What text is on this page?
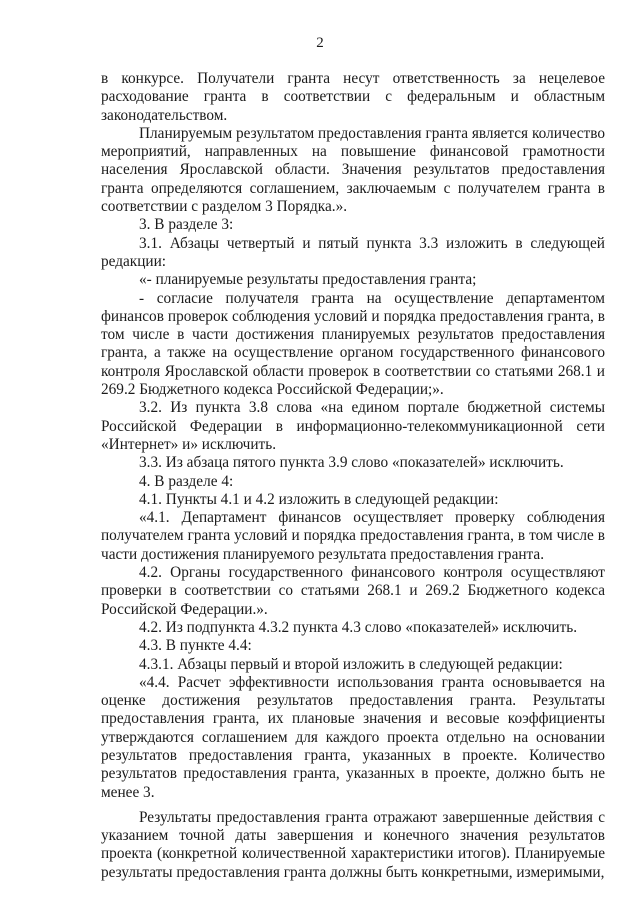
2

в конкурсе. Получатели гранта несут ответственность за нецелевое расходование гранта в соответствии с федеральным и областным законодательством.

Планируемым результатом предоставления гранта является количество мероприятий, направленных на повышение финансовой грамотности населения Ярославской области. Значения результатов предоставления гранта определяются соглашением, заключаемым с получателем гранта в соответствии с разделом 3 Порядка.».

3. В разделе 3:

3.1. Абзацы четвертый и пятый пункта 3.3 изложить в следующей редакции:

«- планируемые результаты предоставления гранта;

- согласие получателя гранта на осуществление департаментом финансов проверок соблюдения условий и порядка предоставления гранта, в том числе в части достижения планируемых результатов предоставления гранта, а также на осуществление органом государственного финансового контроля Ярославской области проверок в соответствии со статьями 268.1 и 269.2 Бюджетного кодекса Российской Федерации;».

3.2. Из пункта 3.8 слова «на едином портале бюджетной системы Российской Федерации в информационно-телекоммуникационной сети «Интернет» и» исключить.

3.3. Из абзаца пятого пункта 3.9 слово «показателей» исключить.

4. В разделе 4:

4.1. Пункты 4.1 и 4.2 изложить в следующей редакции:

«4.1. Департамент финансов осуществляет проверку соблюдения получателем гранта условий и порядка предоставления гранта, в том числе в части достижения планируемого результата предоставления гранта.

4.2. Органы государственного финансового контроля осуществляют проверки в соответствии со статьями 268.1 и 269.2 Бюджетного кодекса Российской Федерации.».

4.2. Из подпункта 4.3.2 пункта 4.3 слово «показателей» исключить.

4.3. В пункте 4.4:

4.3.1. Абзацы первый и второй изложить в следующей редакции:

«4.4. Расчет эффективности использования гранта основывается на оценке достижения результатов предоставления гранта. Результаты предоставления гранта, их плановые значения и весовые коэффициенты утверждаются соглашением для каждого проекта отдельно на основании результатов предоставления гранта, указанных в проекте. Количество результатов предоставления гранта, указанных в проекте, должно быть не менее 3.

Результаты предоставления гранта отражают завершенные действия с указанием точной даты завершения и конечного значения результатов проекта (конкретной количественной характеристики итогов). Планируемые результаты предоставления гранта должны быть конкретными, измеримыми,
